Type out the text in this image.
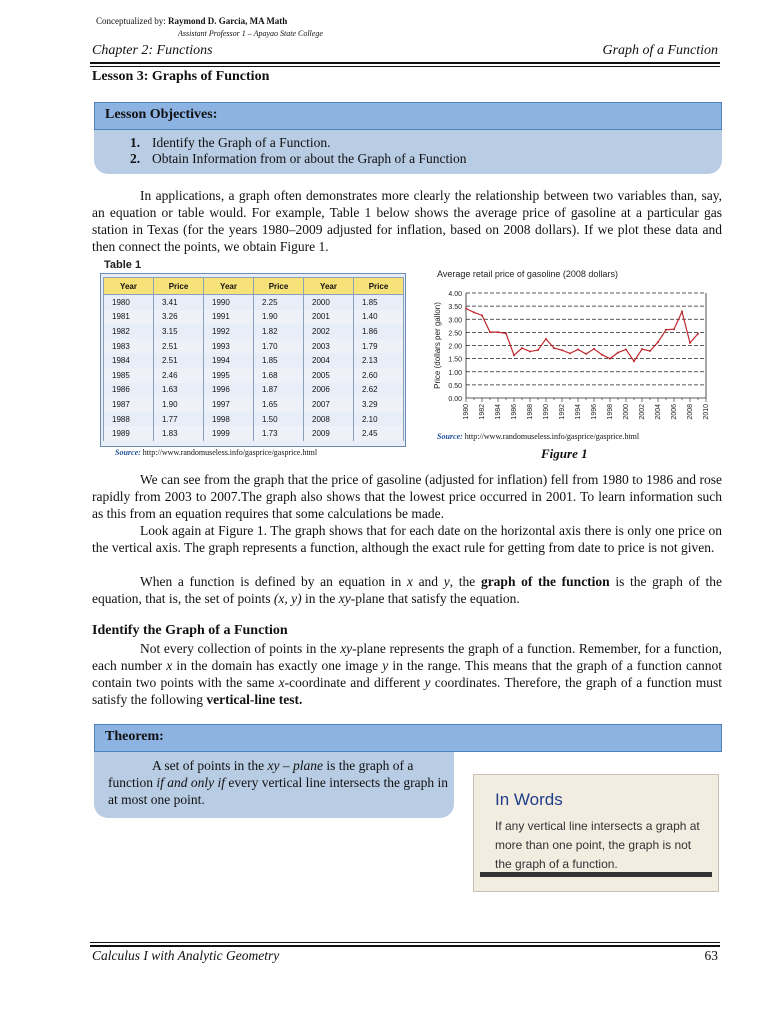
Conceptualized by: Raymond D. Garcia, MA Math
Assistant Professor 1 – Apayao State College
Chapter 2: Functions	Graph of a Function
Lesson 3: Graphs of Function
Lesson Objectives:
1. Identify the Graph of a Function.
2. Obtain Information from or about the Graph of a Function
In applications, a graph often demonstrates more clearly the relationship between two variables than, say, an equation or table would. For example, Table 1 below shows the average price of gasoline at a particular gas station in Texas (for the years 1980–2009 adjusted for inflation, based on 2008 dollars). If we plot these data and then connect the points, we obtain Figure 1.
Table 1
Year	Price	Year	Price	Year	Price
1980	3.41	1990	2.25	2000	1.85
1981	3.26	1991	1.90	2001	1.40
1982	3.15	1992	1.82	2002	1.86
1983	2.51	1993	1.70	2003	1.79
1984	2.51	1994	1.85	2004	2.13
1985	2.46	1995	1.68	2005	2.60
1986	1.63	1996	1.87	2006	2.62
1987	1.90	1997	1.65	2007	3.29
1988	1.77	1998	1.50	2008	2.10
1989	1.83	1999	1.73	2009	2.45
Source: http://www.randomuseless.info/gasprice/gasprice.html
Average retail price of gasoline (2008 dollars)
Price (dollars per gallon)
0.00
0.50
1.00
1.50
2.00
2.50
3.00
3.50
4.00
1980 1982 1984 1986 1988 1990 1992 1994 1996 1998 2000 2002 2004 2006 2008 2010
Source: http://www.randomuseless.info/gasprice/gasprice.html
Figure 1
We can see from the graph that the price of gasoline (adjusted for inflation) fell from 1980 to 1986 and rose rapidly from 2003 to 2007.The graph also shows that the lowest price occurred in 2001. To learn information such as this from an equation requires that some calculations be made.
Look again at Figure 1. The graph shows that for each date on the horizontal axis there is only one price on the vertical axis. The graph represents a function, although the exact rule for getting from date to price is not given.
When a function is defined by an equation in x and y, the graph of the function is the graph of the equation, that is, the set of points (x, y) in the xy-plane that satisfy the equation.
Identify the Graph of a Function
Not every collection of points in the xy-plane represents the graph of a function. Remember, for a function, each number x in the domain has exactly one image y in the range. This means that the graph of a function cannot contain two points with the same x-coordinate and different y coordinates. Therefore, the graph of a function must satisfy the following vertical-line test.
Theorem:
A set of points in the xy – plane is the graph of a function if and only if every vertical line intersects the graph in at most one point.	In Words
If any vertical line intersects a graph at more than one point, the graph is not the graph of a function.
Calculus I with Analytic Geometry	63
